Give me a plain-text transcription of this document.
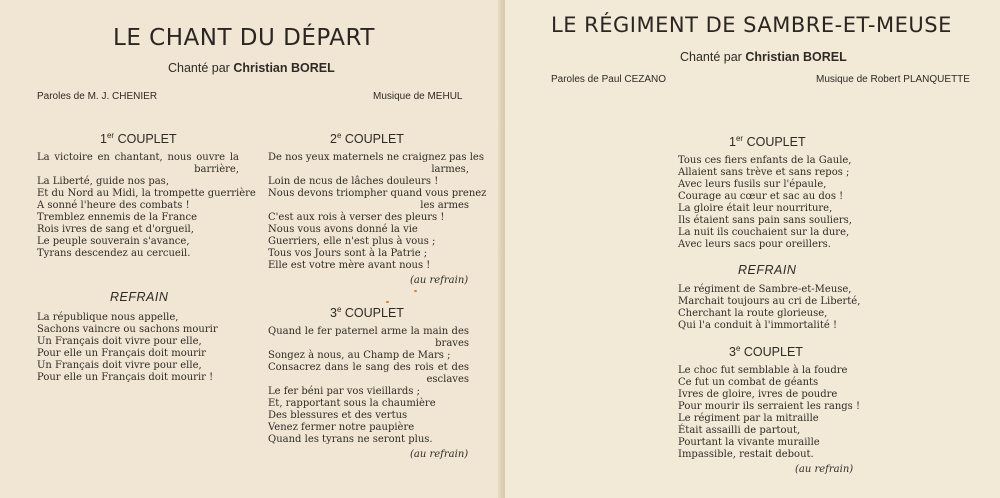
LE CHANT DU DÉPART
Chanté par Christian BOREL
Paroles de M. J. CHENIER	Musique de MEHUL
1er COUPLET
La victoire en chantant, nous ouvre la
barrière,
La Liberté, guide nos pas,
Et du Nord au Midi, la trompette guerrière
A sonné l'heure des combats !
Tremblez ennemis de la France
Rois ivres de sang et d'orgueil,
Le peuple souverain s'avance,
Tyrans descendez au cercueil.
REFRAIN
La république nous appelle,
Sachons vaincre ou sachons mourir
Un Français doit vivre pour elle,
Pour elle un Français doit mourir
Un Français doit vivre pour elle,
Pour elle un Français doit mourir !
2e COUPLET
De nos yeux maternels ne craignez pas les
larmes,
Loin de ncus de lâches douleurs !
Nous devons triompher quand vous prenez
les armes
C'est aux rois à verser des pleurs !
Nous vous avons donné la vie
Guerriers, elle n'est plus à vous ;
Tous vos Jours sont à la Patrie ;
Elle est votre mère avant nous !
(au refrain)
3e COUPLET
Quand le fer paternel arme la main des
braves
Songez à nous, au Champ de Mars ;
Consacrez dans le sang des rois et des
esclaves
Le fer béni par vos vieillards ;
Et, rapportant sous la chaumière
Des blessures et des vertus
Venez fermer notre paupière
Quand les tyrans ne seront plus.
(au refrain)
LE RÉGIMENT DE SAMBRE-ET-MEUSE
Chanté par Christian BOREL
Paroles de Paul CEZANO	Musique de Robert PLANQUETTE
1er COUPLET
Tous ces fiers enfants de la Gaule,
Allaient sans trève et sans repos ;
Avec leurs fusils sur l'épaule,
Courage au cœur et sac au dos !
La gloire était leur nourriture,
Ils étaient sans pain sans souliers,
La nuit ils couchaient sur la dure,
Avec leurs sacs pour oreillers.
REFRAIN
Le régiment de Sambre-et-Meuse,
Marchait toujours au cri de Liberté,
Cherchant la route glorieuse,
Qui l'a conduit à l'immortalité !
3e COUPLET
Le choc fut semblable à la foudre
Ce fut un combat de géants
Ivres de gloire, ivres de poudre
Pour mourir ils serraient les rangs !
Le régiment par la mitraille
Était assailli de partout,
Pourtant la vivante muraille
Impassible, restait debout.
(au refrain)
